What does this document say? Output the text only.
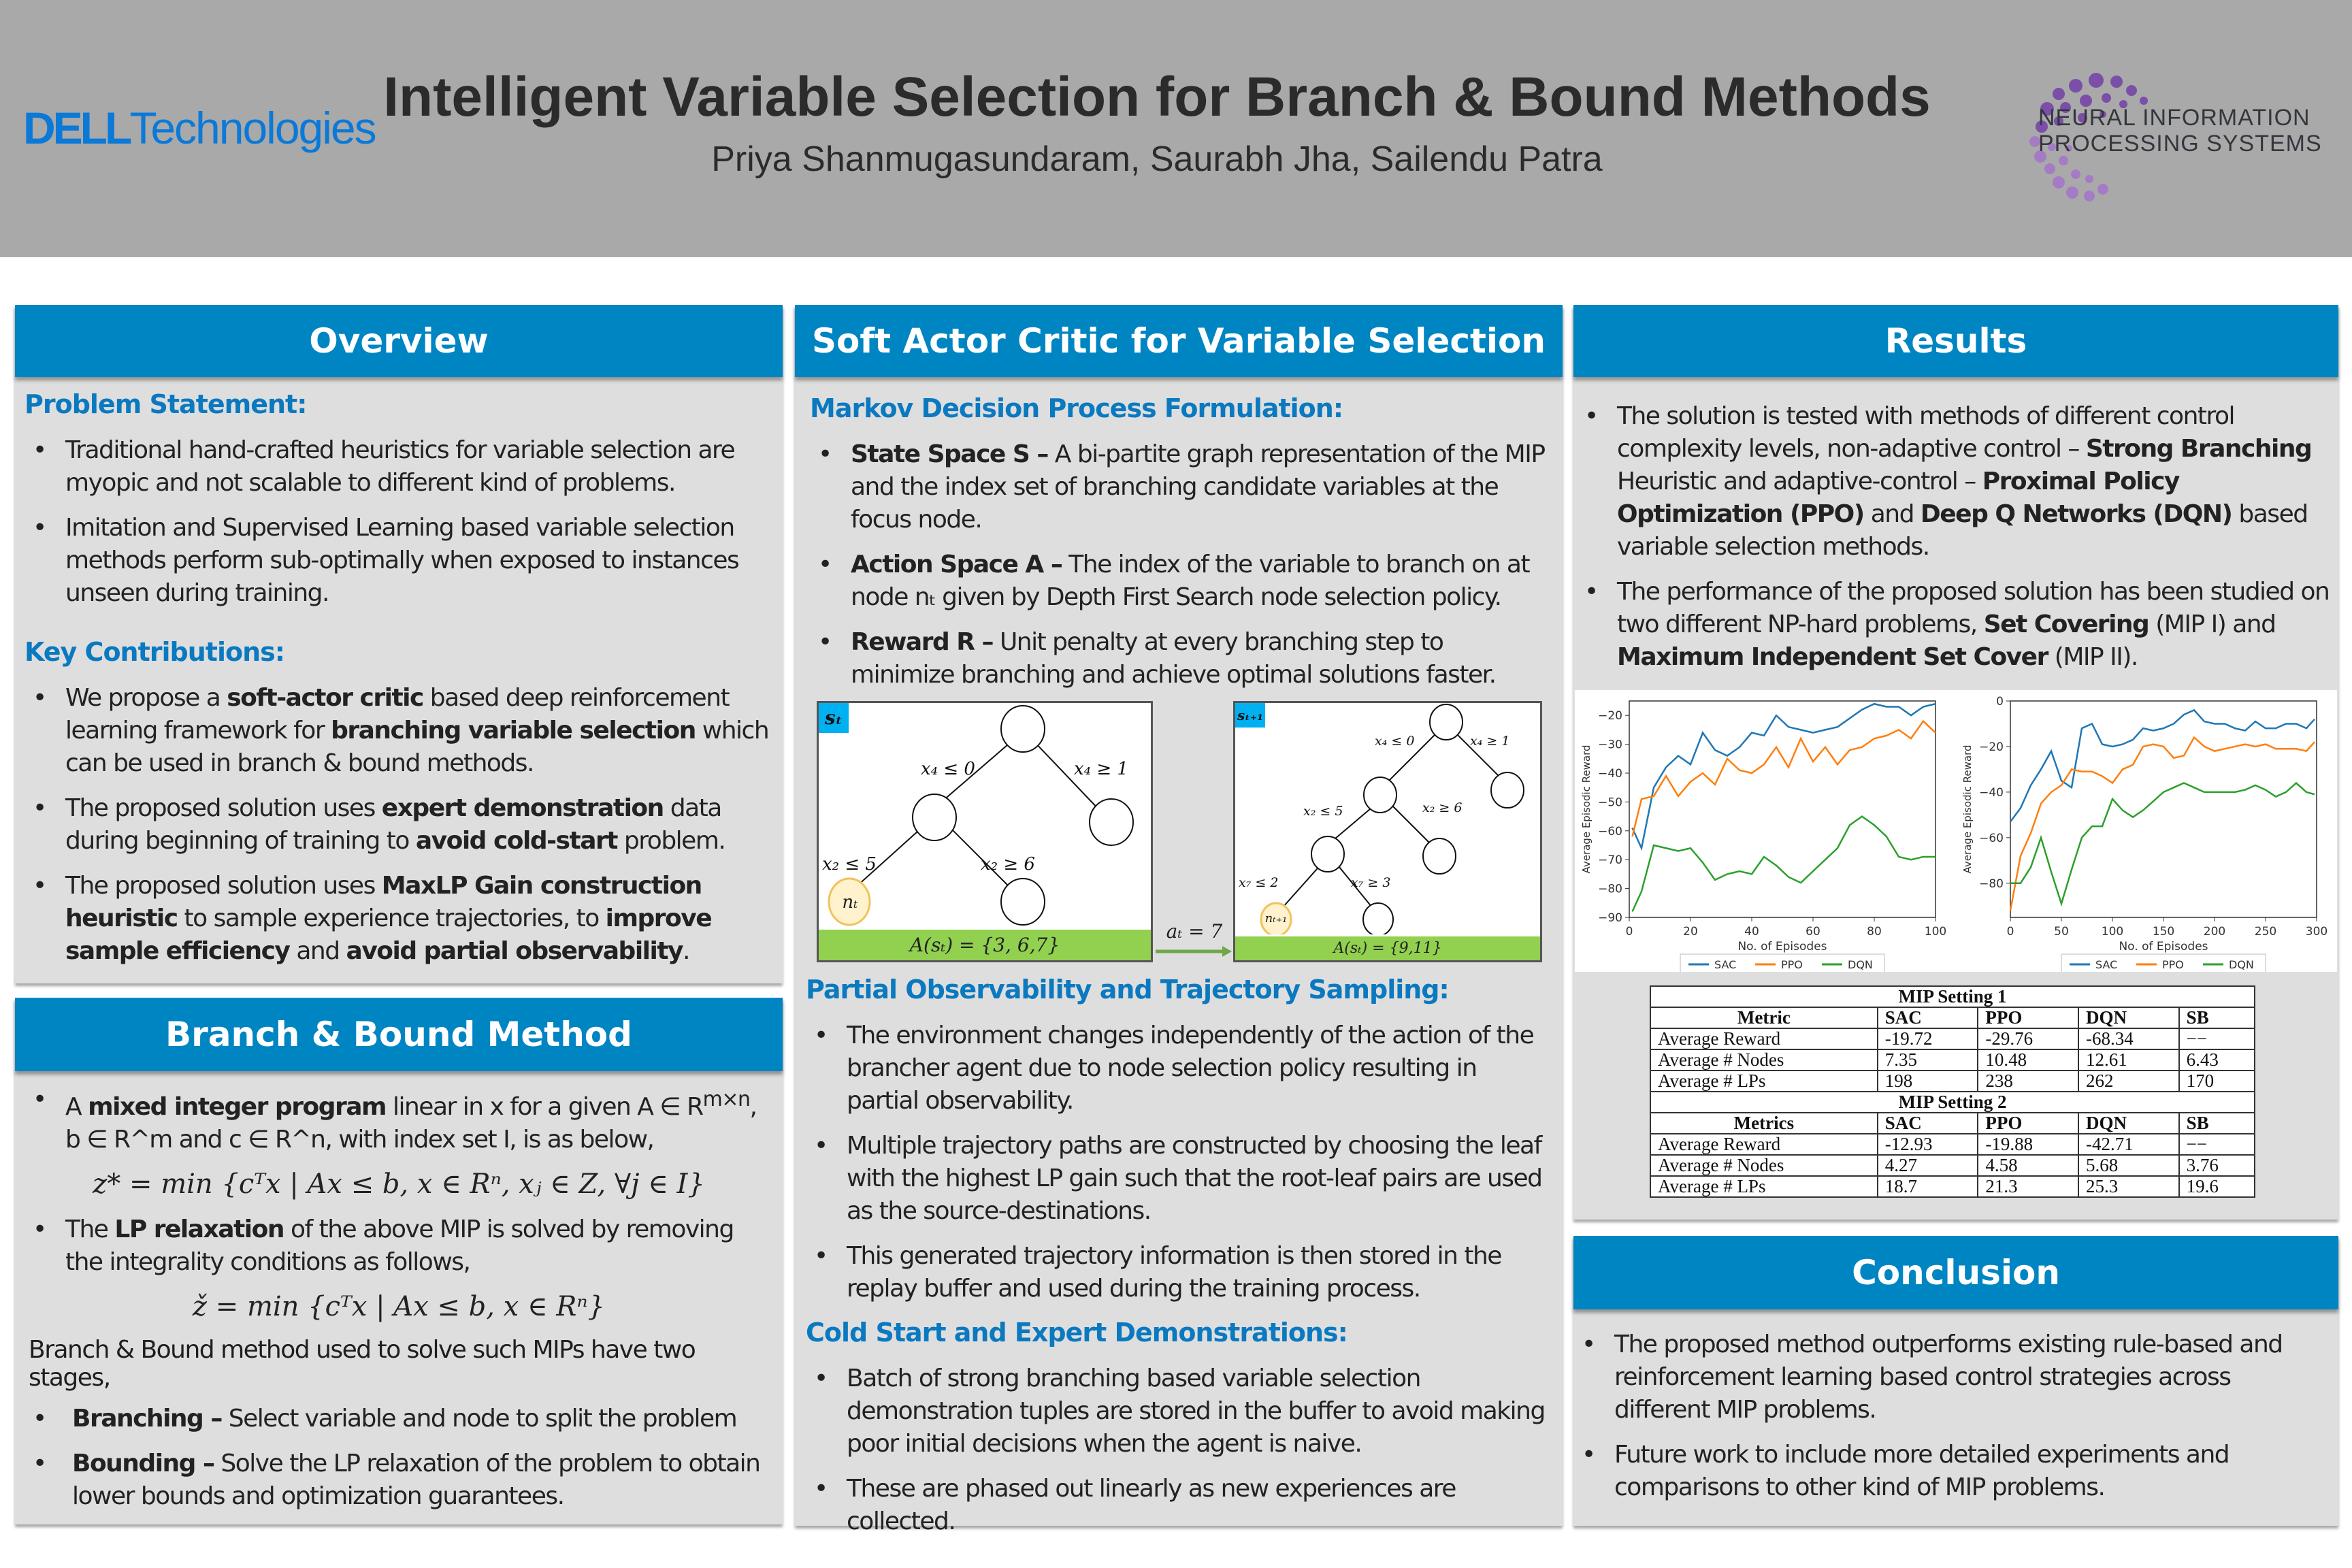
DELLTechnologies Intelligent Variable Selection for Branch & Bound Methods
Priya Shanmugasundaram, Saurabh Jha, Sailendu Patra
NEURAL INFORMATION
PROCESSING SYSTEMS
Overview
Problem Statement:
• Traditional hand-crafted heuristics for variable selection are myopic and not scalable to different kind of problems.
• Imitation and Supervised Learning based variable selection methods perform sub-optimally when exposed to instances unseen during training.
Key Contributions:
• We propose a soft-actor critic based deep reinforcement learning framework for branching variable selection which can be used in branch & bound methods.
• The proposed solution uses expert demonstration data during beginning of training to avoid cold-start problem.
• The proposed solution uses MaxLP Gain construction heuristic to sample experience trajectories, to improve sample efficiency and avoid partial observability.
Branch & Bound Method
• A mixed integer program linear in x for a given A ∈ $R^{m\times n}$,
b ∈ R^m and c ∈ R^n, with index set I, is as below,
z* = min {cᵀx | Ax ≤ b, x ∈ Rⁿ, xⱼ ∈ Z, ∀j ∈ I}
• The LP relaxation of the above MIP is solved by removing the integrality conditions as follows,
ž = min {cᵀx | Ax ≤ b, x ∈ Rⁿ}
Branch & Bound method used to solve such MIPs have two stages,
• Branching – Select variable and node to split the problem
• Bounding – Solve the LP relaxation of the problem to obtain lower bounds and optimization guarantees.
Soft Actor Critic for Variable Selection
Markov Decision Process Formulation:
• State Space S – A bi-partite graph representation of the MIP and the index set of branching candidate variables at the focus node.
• Action Space A – The index of the variable to branch on at node nₜ given by Depth First Search node selection policy.
• Reward R – Unit penalty at every branching step to minimize branching and achieve optimal solutions faster.
sₜ
x₄ ≤ 0	x₄ ≥ 1
x₂ ≤ 5	x₂ ≥ 6
nₜ
A(sₜ) = {3, 6,7}
aₜ = 7
sₜ₊₁
x₄ ≤ 0	x₄ ≥ 1
x₂ ≤ 5	x₂ ≥ 6
x₇ ≤ 2	x₇ ≥ 3
nₜ₊₁
A(sₜ) = {9,11}
Partial Observability and Trajectory Sampling:
• The environment changes independently of the action of the brancher agent due to node selection policy resulting in partial observability.
• Multiple trajectory paths are constructed by choosing the leaf with the highest LP gain such that the root-leaf pairs are used as the source-destinations.
• This generated trajectory information is then stored in the replay buffer and used during the training process.
Cold Start and Expert Demonstrations:
• Batch of strong branching based variable selection demonstration tuples are stored in the buffer to avoid making poor initial decisions when the agent is naive.
• These are phased out linearly as new experiences are collected.
Results
• The solution is tested with methods of different control complexity levels, non-adaptive control – Strong Branching Heuristic and adaptive-control – Proximal Policy Optimization (PPO) and Deep Q Networks (DQN) based variable selection methods.
• The performance of the proposed solution has been studied on two different NP-hard problems, Set Covering (MIP I) and Maximum Independent Set Cover (MIP II).
0	20	40	60	80	100
−90
−80
−70
−60
−50
−40
−30
−20
No. of Episodes
Average Episodic Reward
SAC	PPO	DQN
0	50	100	150	200	250	300
−80
−60
−40
−20
0
No. of Episodes
Average Episodic Reward
SAC	PPO	DQN
MIP Setting 1				
Metric	SAC	PPO	DQN	SB
Average Reward	-19.72	-29.76	-68.34	−−
Average # Nodes	7.35	10.48	12.61	6.43
Average # LPs	198	238	262	170
MIP Setting 2				
Metrics	SAC	PPO	DQN	SB
Average Reward	-12.93	-19.88	-42.71	−−
Average # Nodes	4.27	4.58	5.68	3.76
Average # LPs	18.7	21.3	25.3	19.6
Conclusion
• The proposed method outperforms existing rule-based and reinforcement learning based control strategies across different MIP problems.
• Future work to include more detailed experiments and comparisons to other kind of MIP problems.
